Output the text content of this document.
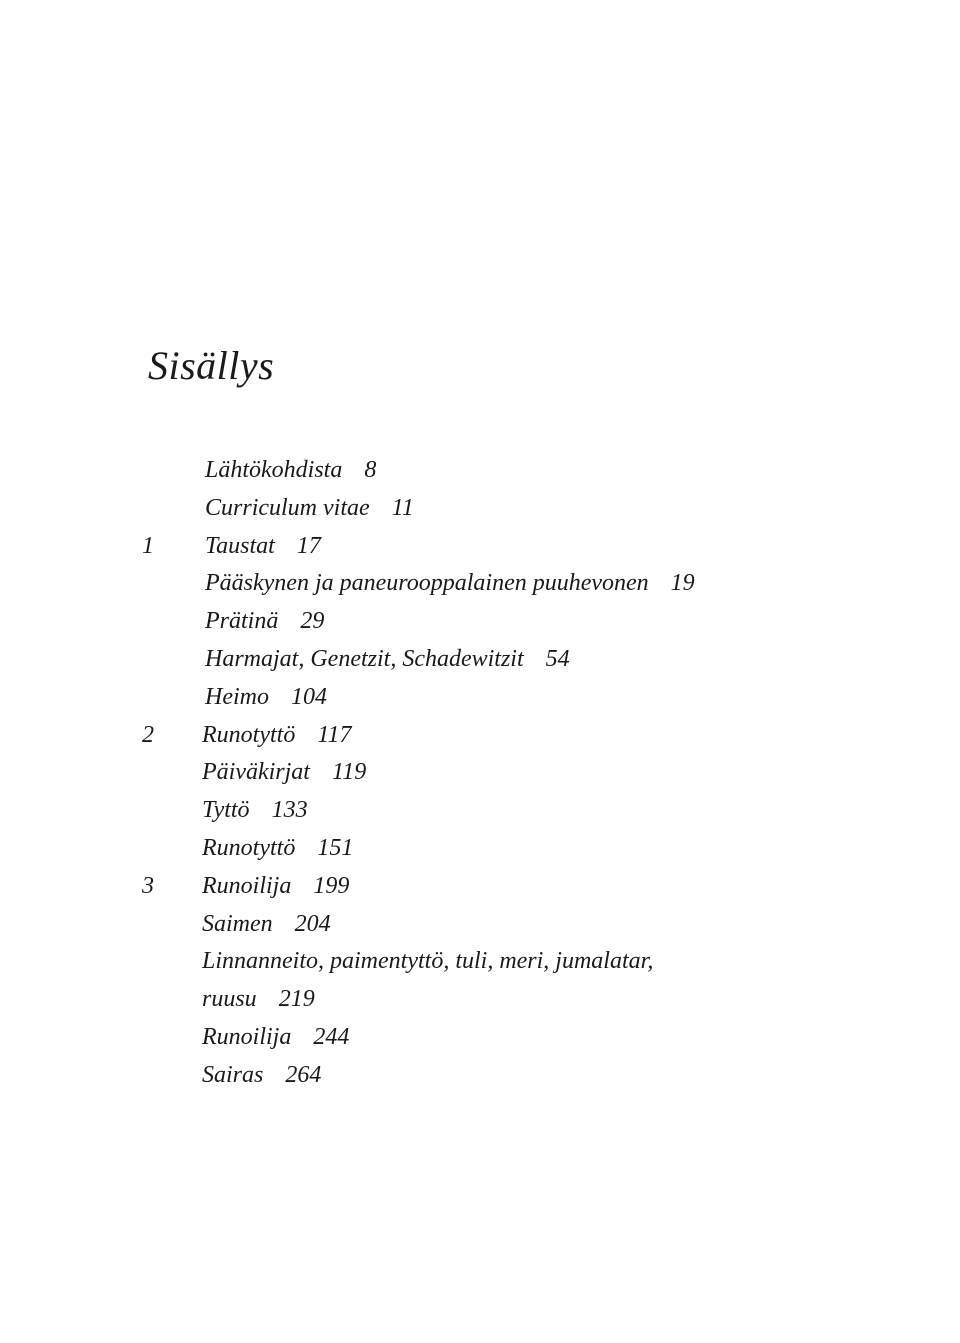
Sisällys
Lähtökohdista 8
Curriculum vitae 11
1	Taustat 17
Pääskynen ja paneurooppalainen puuhevonen 19
Prätinä 29
Harmajat, Genetzit, Schadewitzit 54
Heimo 104
2	Runotyttö 117
Päiväkirjat 119
Tyttö 133
Runotyttö 151
3	Runoilija 199
Saimen 204
Linnanneito, paimentyttö, tuli, meri, jumalatar,
ruusu 219
Runoilija 244
Sairas 264
